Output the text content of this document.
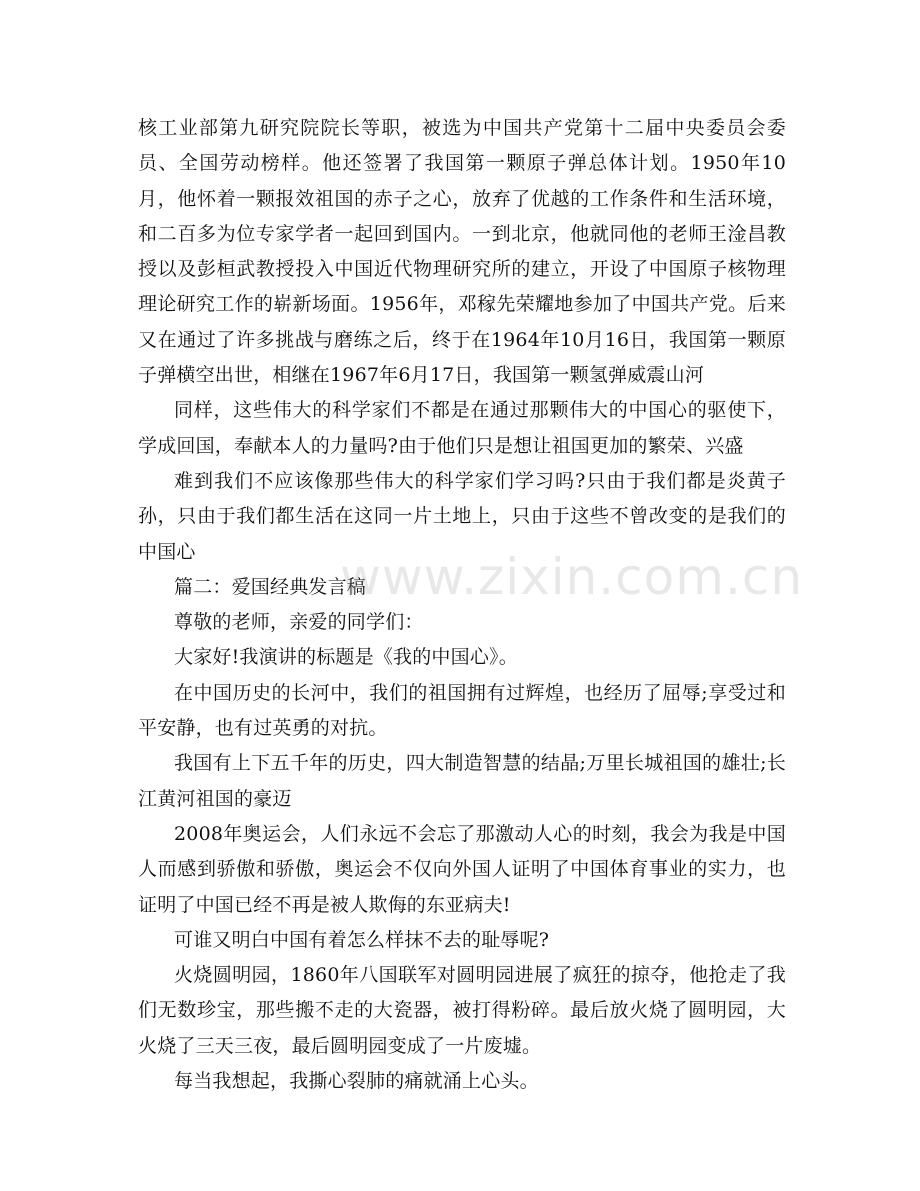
核工业部第九研究院院长等职，被选为中国共产党第十二届中央委员会委员、全国劳动榜样。他还签署了我国第一颗原子弹总体计划。1950年10月，他怀着一颗报效祖国的赤子之心，放弃了优越的工作条件和生活环境，和二百多为位专家学者一起回到国内。一到北京，他就同他的老师王淦昌教授以及彭桓武教授投入中国近代物理研究所的建立，开设了中国原子核物理理论研究工作的崭新场面。1956年，邓稼先荣耀地参加了中国共产党。后来又在通过了许多挑战与磨练之后，终于在1964年10月16日，我国第一颗原子弹横空出世，相继在1967年6月17日，我国第一颗氢弹威震山河

同样，这些伟大的科学家们不都是在通过那颗伟大的中国心的驱使下，学成回国，奉献本人的力量吗?由于他们只是想让祖国更加的繁荣、兴盛

难到我们不应该像那些伟大的科学家们学习吗?只由于我们都是炎黄子孙，只由于我们都生活在这同一片土地上，只由于这些不曾改变的是我们的中国心

篇二：爱国经典发言稿

尊敬的老师，亲爱的同学们：

大家好!我演讲的标题是《我的中国心》。

在中国历史的长河中，我们的祖国拥有过辉煌，也经历了屈辱;享受过和平安静，也有过英勇的对抗。

我国有上下五千年的历史，四大制造智慧的结晶;万里长城祖国的雄壮;长江黄河祖国的豪迈

2008年奥运会，人们永远不会忘了那激动人心的时刻，我会为我是中国人而感到骄傲和骄傲，奥运会不仅向外国人证明了中国体育事业的实力，也证明了中国已经不再是被人欺侮的东亚病夫!

可谁又明白中国有着怎么样抹不去的耻辱呢?

火烧圆明园，1860年八国联军对圆明园进展了疯狂的掠夺，他抢走了我们无数珍宝，那些搬不走的大瓷器，被打得粉碎。最后放火烧了圆明园，大火烧了三天三夜，最后圆明园变成了一片废墟。

每当我想起，我撕心裂肺的痛就涌上心头。

www.zixin.com.cn
